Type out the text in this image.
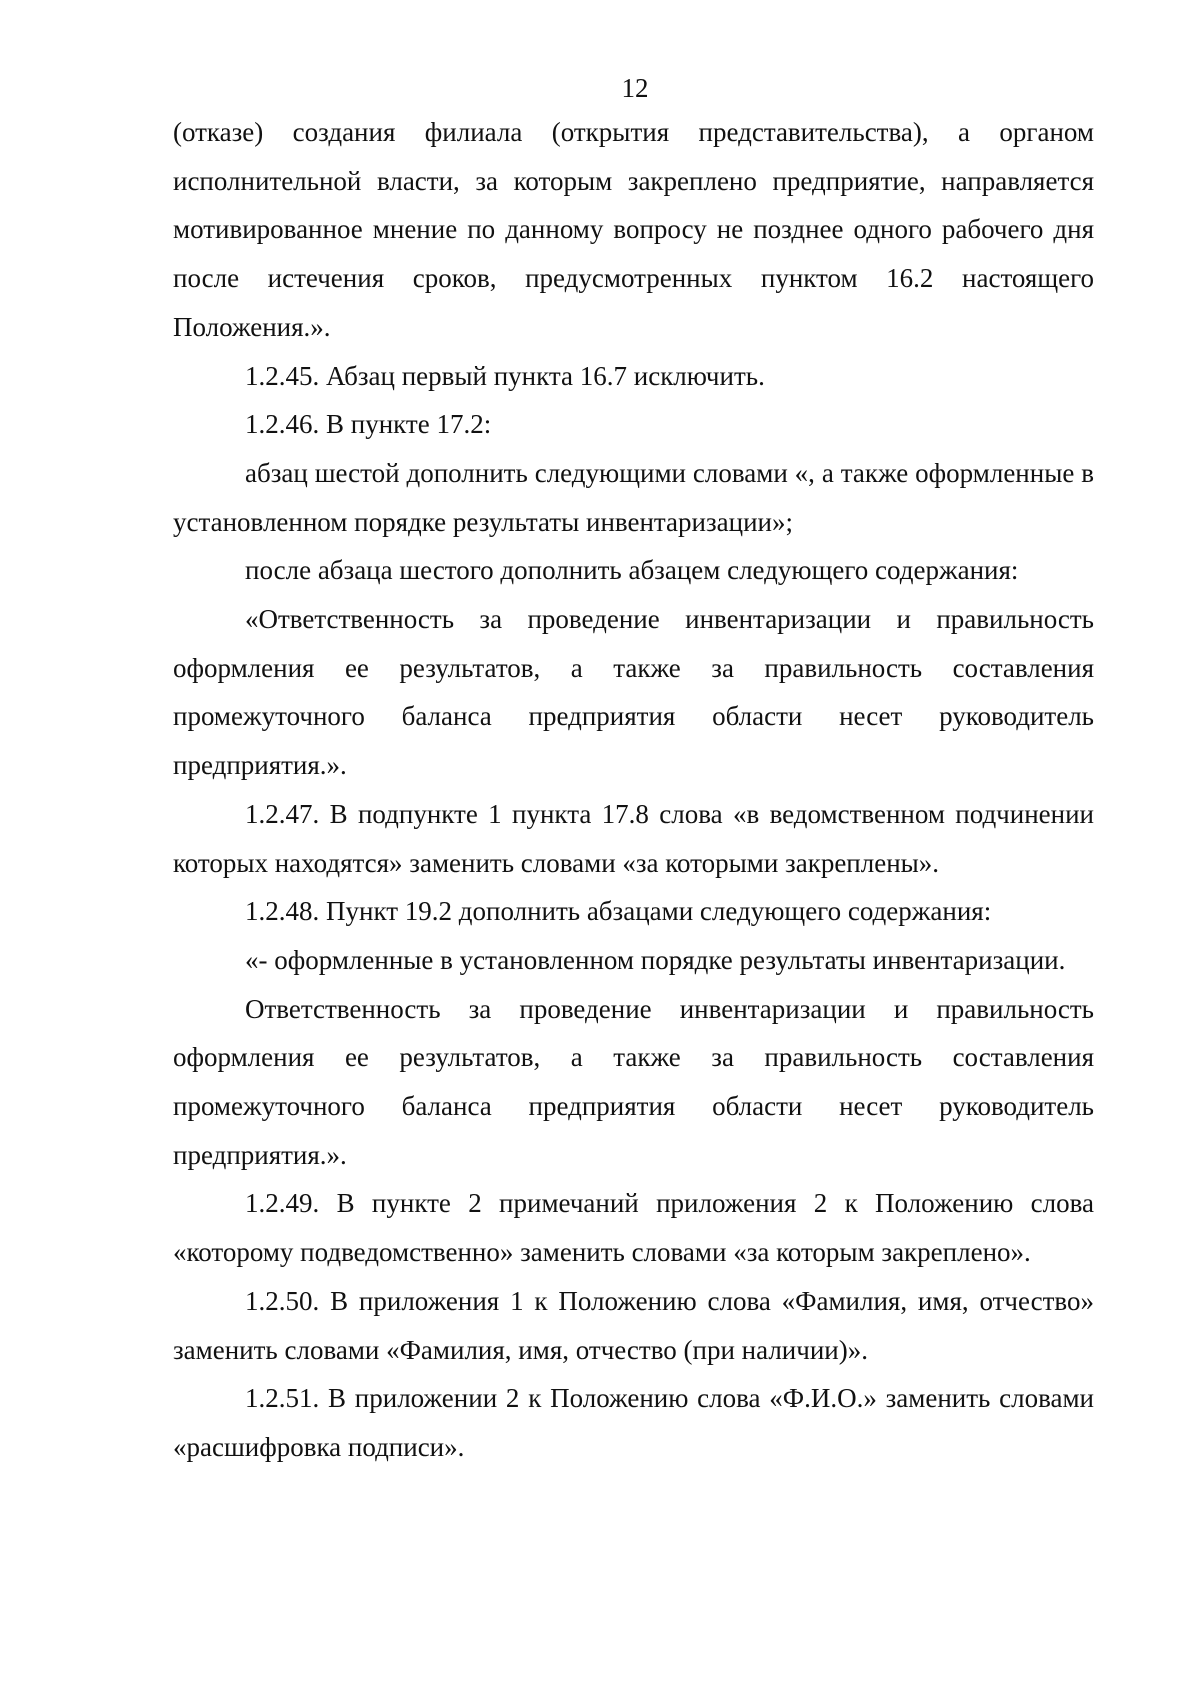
12

(отказе) создания филиала (открытия представительства), а органом исполнительной власти, за которым закреплено предприятие, направляется мотивированное мнение по данному вопросу не позднее одного рабочего дня после истечения сроков, предусмотренных пунктом 16.2 настоящего Положения.».

1.2.45. Абзац первый пункта 16.7 исключить.

1.2.46. В пункте 17.2:

абзац шестой дополнить следующими словами «, а также оформленные в установленном порядке результаты инвентаризации»;

после абзаца шестого дополнить абзацем следующего содержания:

«Ответственность за проведение инвентаризации и правильность оформления ее результатов, а также за правильность составления промежуточного баланса предприятия области несет руководитель предприятия.».

1.2.47. В подпункте 1 пункта 17.8 слова «в ведомственном подчинении которых находятся» заменить словами «за которыми закреплены».

1.2.48. Пункт 19.2 дополнить абзацами следующего содержания:

«- оформленные в установленном порядке результаты инвентаризации.

Ответственность за проведение инвентаризации и правильность оформления ее результатов, а также за правильность составления промежуточного баланса предприятия области несет руководитель предприятия.».

1.2.49. В пункте 2 примечаний приложения 2 к Положению слова «которому подведомственно» заменить словами «за которым закреплено».

1.2.50. В приложения 1 к Положению слова «Фамилия, имя, отчество» заменить словами «Фамилия, имя, отчество (при наличии)».

1.2.51. В приложении 2 к Положению слова «Ф.И.О.» заменить словами «расшифровка подписи».
